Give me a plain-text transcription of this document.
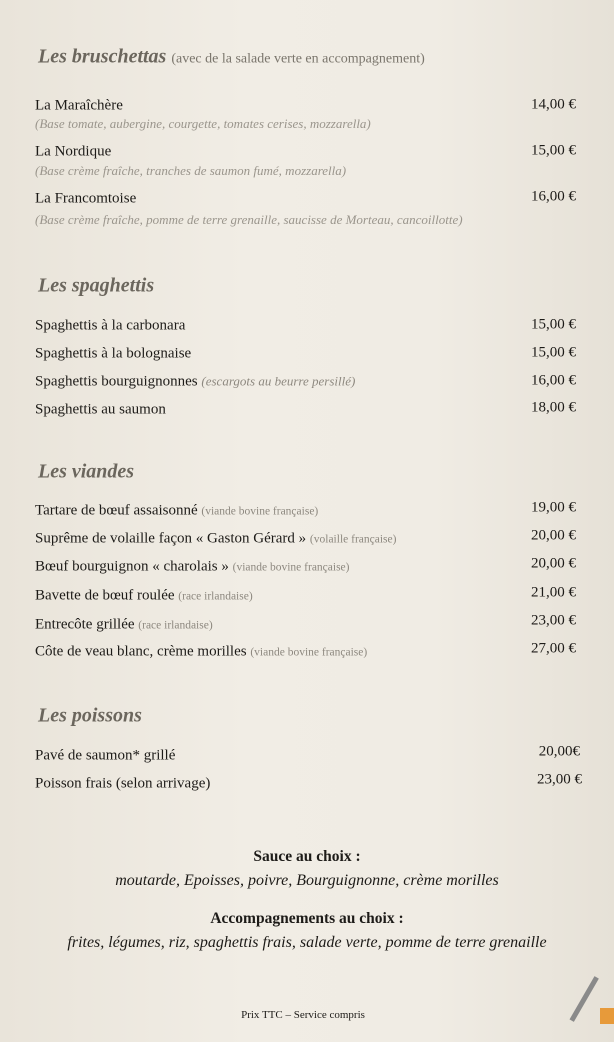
Les bruschettas (avec de la salade verte en accompagnement)
La Maraîchère	14,00 €
(Base tomate, aubergine, courgette, tomates cerises, mozzarella)
La Nordique	15,00 €
(Base crème fraîche, tranches de saumon fumé, mozzarella)
La Francomtoise	16,00 €
(Base crème fraîche, pomme de terre grenaille, saucisse de Morteau, cancoillotte)
Les spaghettis
Spaghettis à la carbonara	15,00 €
Spaghettis à la bolognaise	15,00 €
Spaghettis bourguignonnes (escargots au beurre persillé)	16,00 €
Spaghettis au saumon	18,00 €
Les viandes
Tartare de bœuf assaisonné (viande bovine française)	19,00 €
Suprême de volaille façon « Gaston Gérard » (volaille française)	20,00 €
Bœuf bourguignon « charolais » (viande bovine française)	20,00 €
Bavette de bœuf roulée (race irlandaise)	21,00 €
Entrecôte grillée (race irlandaise)	23,00 €
Côte de veau blanc, crème morilles (viande bovine française)	27,00 €
Les poissons
Pavé de saumon* grillé	20,00€
Poisson frais (selon arrivage)	23,00 €
Sauce au choix :
moutarde, Epoisses, poivre, Bourguignonne, crème morilles
Accompagnements au choix :
frites, légumes, riz, spaghettis frais, salade verte, pomme de terre grenaille
Prix TTC – Service compris
